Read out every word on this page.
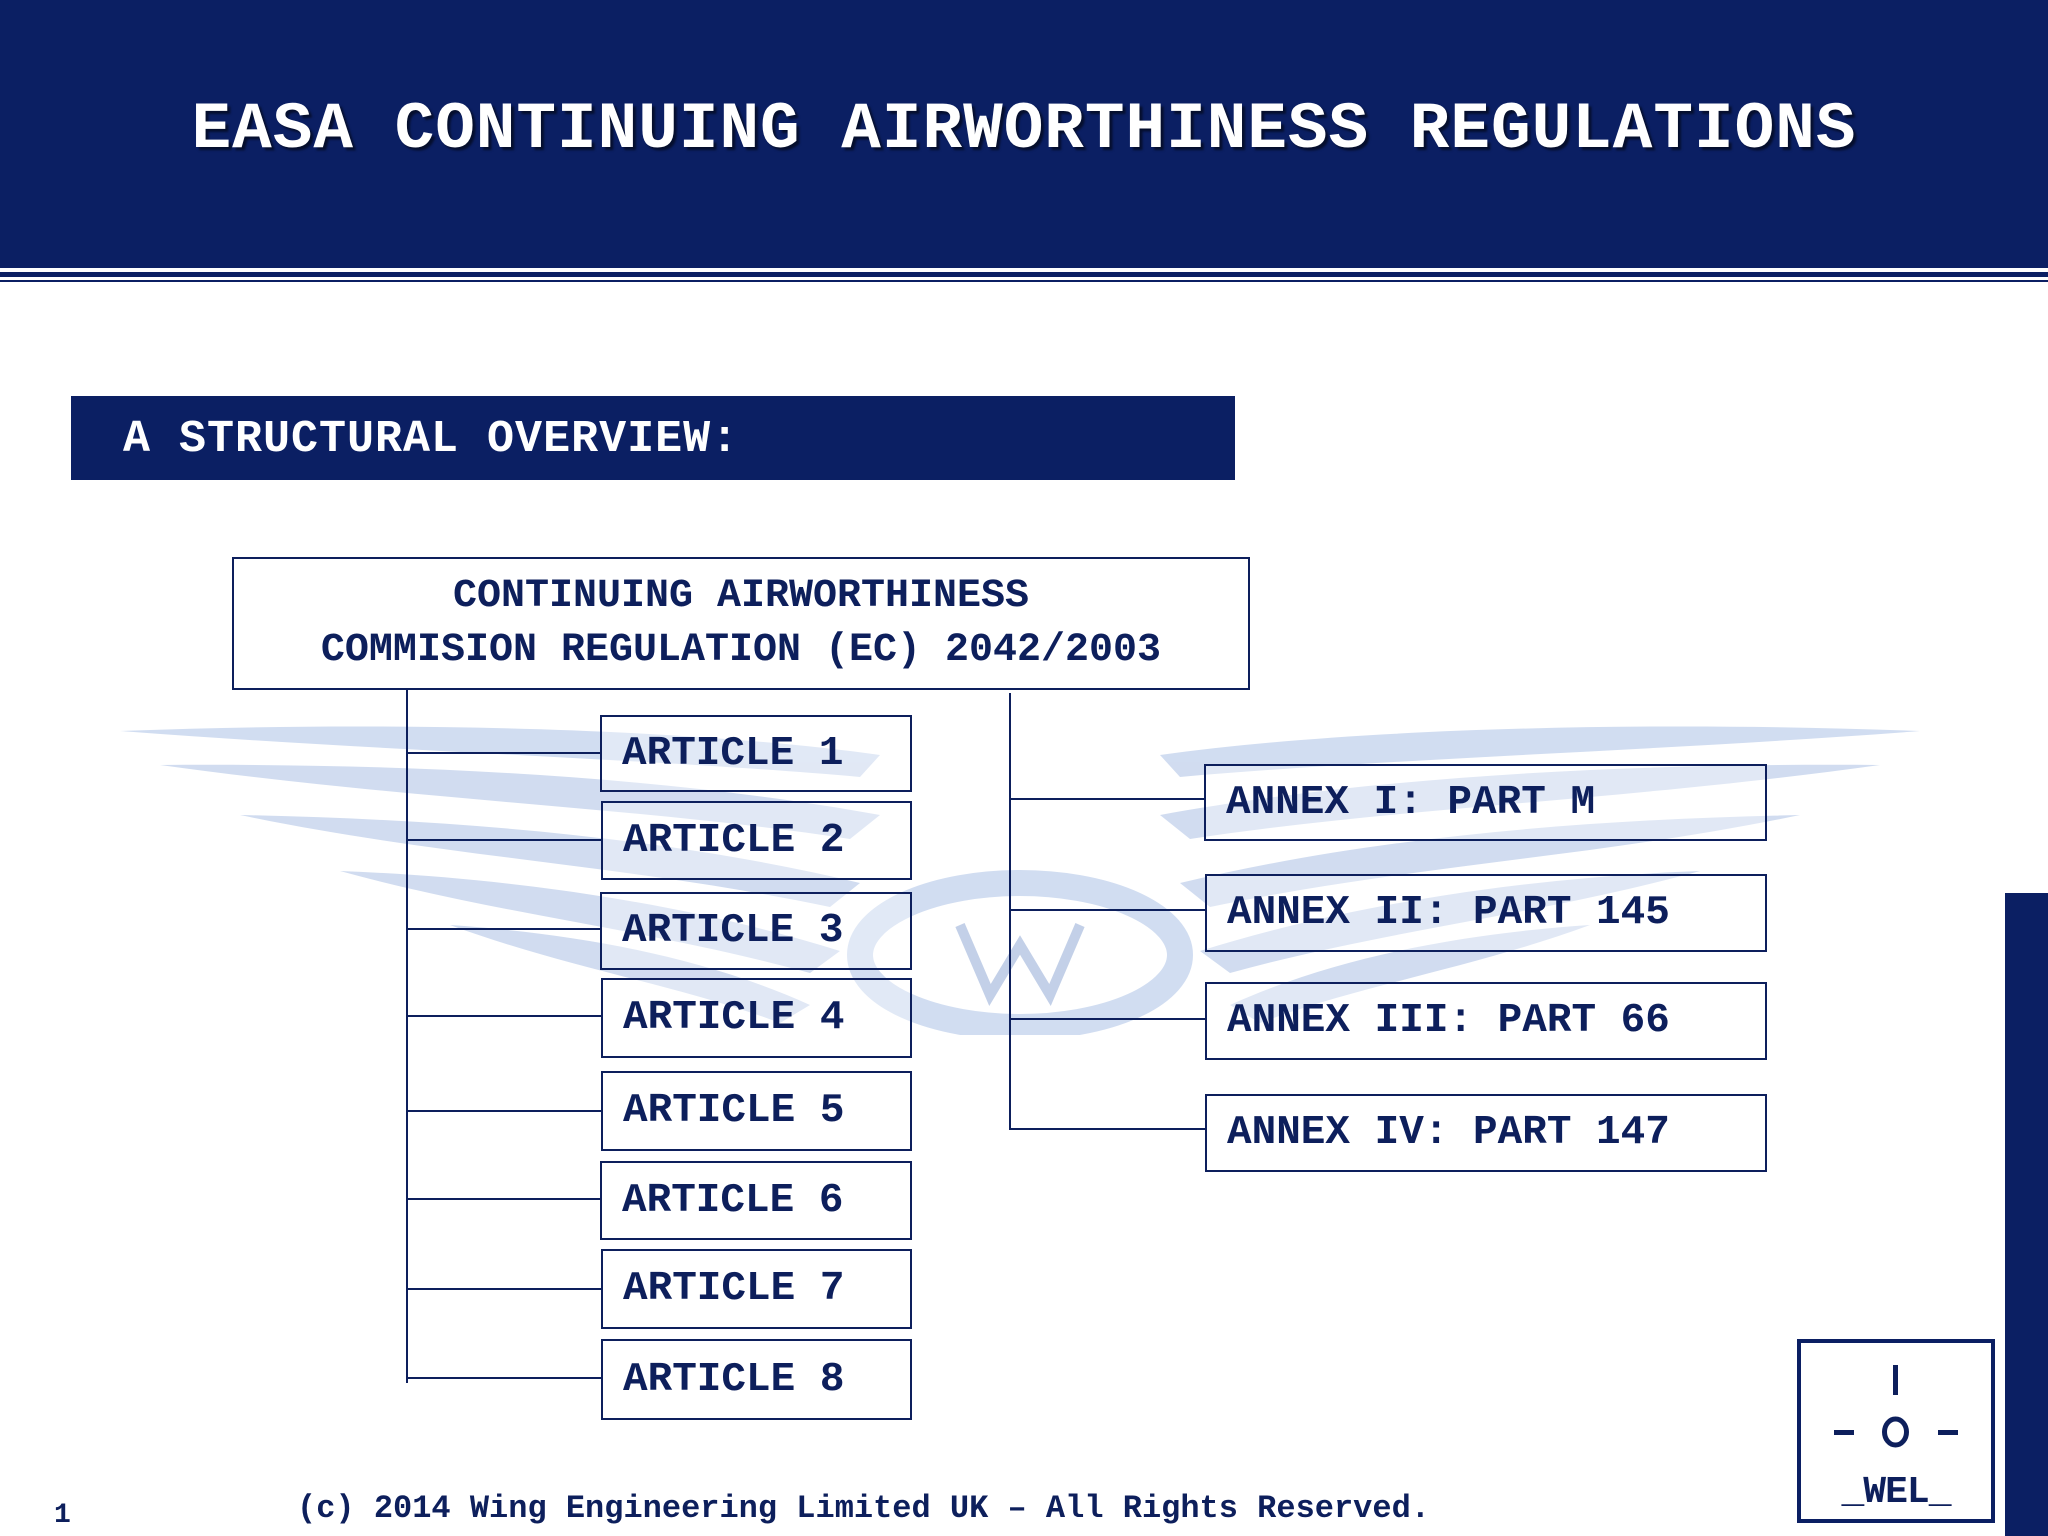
EASA CONTINUING AIRWORTHINESS REGULATIONS
A STRUCTURAL OVERVIEW:
CONTINUING AIRWORTHINESS
COMMISION REGULATION (EC) 2042/2003
ARTICLE 1
ARTICLE 2
ARTICLE 3
ARTICLE 4
ARTICLE 5
ARTICLE 6
ARTICLE 7
ARTICLE 8
ANNEX I: PART M
ANNEX II: PART 145
ANNEX III: PART 66
ANNEX IV: PART 147
_WEL_
1	(c) 2014 Wing Engineering Limited UK – All Rights Reserved.
